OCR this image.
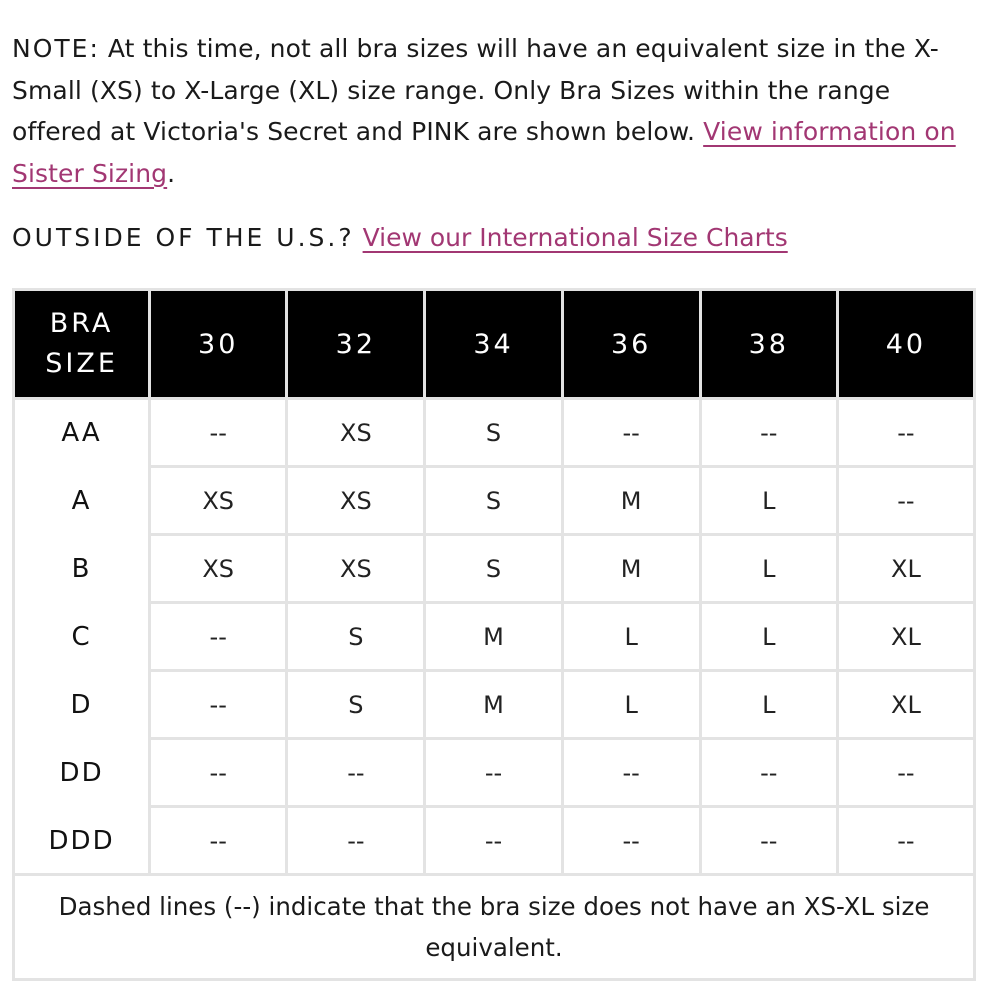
NOTE: At this time, not all bra sizes will have an equivalent size in the X-Small (XS) to X-Large (XL) size range. Only Bra Sizes within the range offered at Victoria's Secret and PINK are shown below. View information on Sister Sizing.

OUTSIDE OF THE U.S.? View our International Size Charts

BRA
SIZE	30	32	34	36	38	40
AA	--	XS	S	--	--	--
A	XS	XS	S	M	L	--
B	XS	XS	S	M	L	XL
C	--	S	M	L	L	XL
D	--	S	M	L	L	XL
DD	--	--	--	--	--	--
DDD	--	--	--	--	--	--
Dashed lines (--) indicate that the bra size does not have an XS-XL size equivalent.						
